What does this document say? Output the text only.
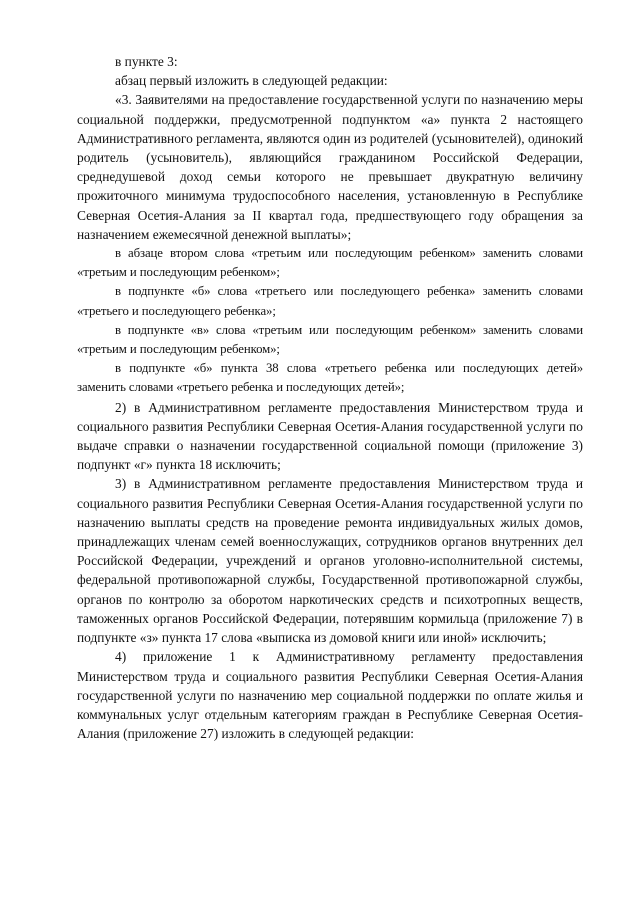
в пункте 3:

абзац первый изложить в следующей редакции:

«3. Заявителями на предоставление государственной услуги по назначению меры социальной поддержки, предусмотренной подпунктом «а» пункта 2 настоящего Административного регламента, являются один из родителей (усыновителей), одинокий родитель (усыновитель), являющийся гражданином Российской Федерации, среднедушевой доход семьи которого не превышает двукратную величину прожиточного минимума трудоспособного населения, установленную в Республике Северная Осетия-Алания за II квартал года, предшествующего году обращения за назначением ежемесячной денежной выплаты»;

в абзаце втором слова «третьим или последующим ребенком» заменить словами «третьим и последующим ребенком»;

в подпункте «б» слова «третьего или последующего ребенка» заменить словами «третьего и последующего ребенка»;

в подпункте «в» слова «третьим или последующим ребенком» заменить словами «третьим и последующим ребенком»;

в подпункте «б» пункта 38 слова «третьего ребенка или последующих детей» заменить словами «третьего ребенка и последующих детей»;

2) в Административном регламенте предоставления Министерством труда и социального развития Республики Северная Осетия-Алания государственной услуги по выдаче справки о назначении государственной социальной помощи (приложение 3) подпункт «г» пункта 18 исключить;

3) в Административном регламенте предоставления Министерством труда и социального развития Республики Северная Осетия-Алания государственной услуги по назначению выплаты средств на проведение ремонта индивидуальных жилых домов, принадлежащих членам семей военнослужащих, сотрудников органов внутренних дел Российской Федерации, учреждений и органов уголовно-исполнительной системы, федеральной противопожарной службы, Государственной противопожарной службы, органов по контролю за оборотом наркотических средств и психотропных веществ, таможенных органов Российской Федерации, потерявшим кормильца (приложение 7) в подпункте «з» пункта 17 слова «выписка из домовой книги или иной» исключить;

4) приложение 1 к Административному регламенту предоставления Министерством труда и социального развития Республики Северная Осетия-Алания государственной услуги по назначению мер социальной поддержки по оплате жилья и коммунальных услуг отдельным категориям граждан в Республике Северная Осетия-Алания (приложение 27) изложить в следующей редакции:
